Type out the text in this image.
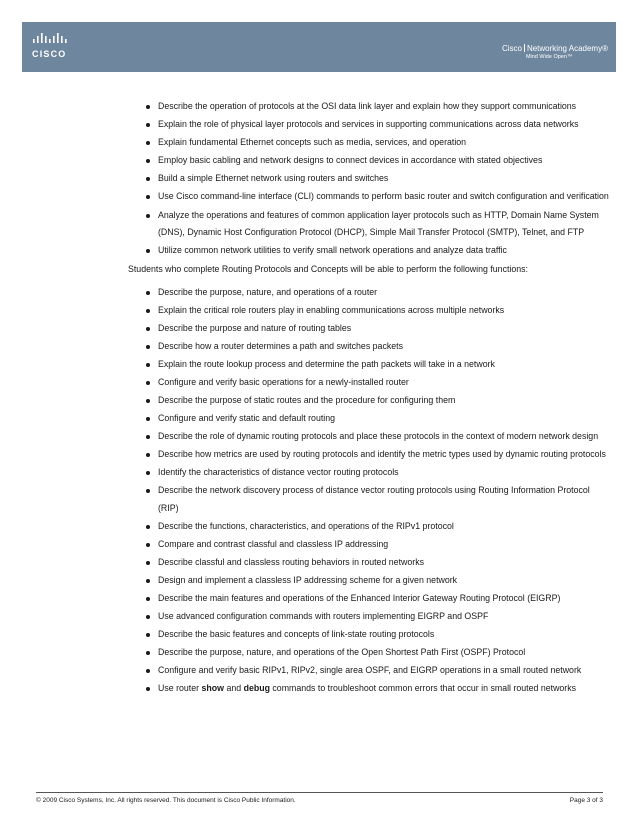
CISCO
Cisco Networking Academy®
Mind Wide Open™
Describe the operation of protocols at the OSI data link layer and explain how they support communications
Explain the role of physical layer protocols and services in supporting communications across data networks
Explain fundamental Ethernet concepts such as media, services, and operation
Employ basic cabling and network designs to connect devices in accordance with stated objectives
Build a simple Ethernet network using routers and switches
Use Cisco command-line interface (CLI) commands to perform basic router and switch configuration and verification
Analyze the operations and features of common application layer protocols such as HTTP, Domain Name System (DNS), Dynamic Host Configuration Protocol (DHCP), Simple Mail Transfer Protocol (SMTP), Telnet, and FTP
Utilize common network utilities to verify small network operations and analyze data traffic

Students who complete Routing Protocols and Concepts will be able to perform the following functions:

Describe the purpose, nature, and operations of a router
Explain the critical role routers play in enabling communications across multiple networks
Describe the purpose and nature of routing tables
Describe how a router determines a path and switches packets
Explain the route lookup process and determine the path packets will take in a network
Configure and verify basic operations for a newly-installed router
Describe the purpose of static routes and the procedure for configuring them
Configure and verify static and default routing
Describe the role of dynamic routing protocols and place these protocols in the context of modern network design
Describe how metrics are used by routing protocols and identify the metric types used by dynamic routing protocols
Identify the characteristics of distance vector routing protocols
Describe the network discovery process of distance vector routing protocols using Routing Information Protocol (RIP)
Describe the functions, characteristics, and operations of the RIPv1 protocol
Compare and contrast classful and classless IP addressing
Describe classful and classless routing behaviors in routed networks
Design and implement a classless IP addressing scheme for a given network
Describe the main features and operations of the Enhanced Interior Gateway Routing Protocol (EIGRP)
Use advanced configuration commands with routers implementing EIGRP and OSPF
Describe the basic features and concepts of link-state routing protocols
Describe the purpose, nature, and operations of the Open Shortest Path First (OSPF) Protocol
Configure and verify basic RIPv1, RIPv2, single area OSPF, and EIGRP operations in a small routed network
Use router show and debug commands to troubleshoot common errors that occur in small routed networks
© 2009 Cisco Systems, Inc. All rights reserved. This document is Cisco Public Information.	Page 3 of 3
